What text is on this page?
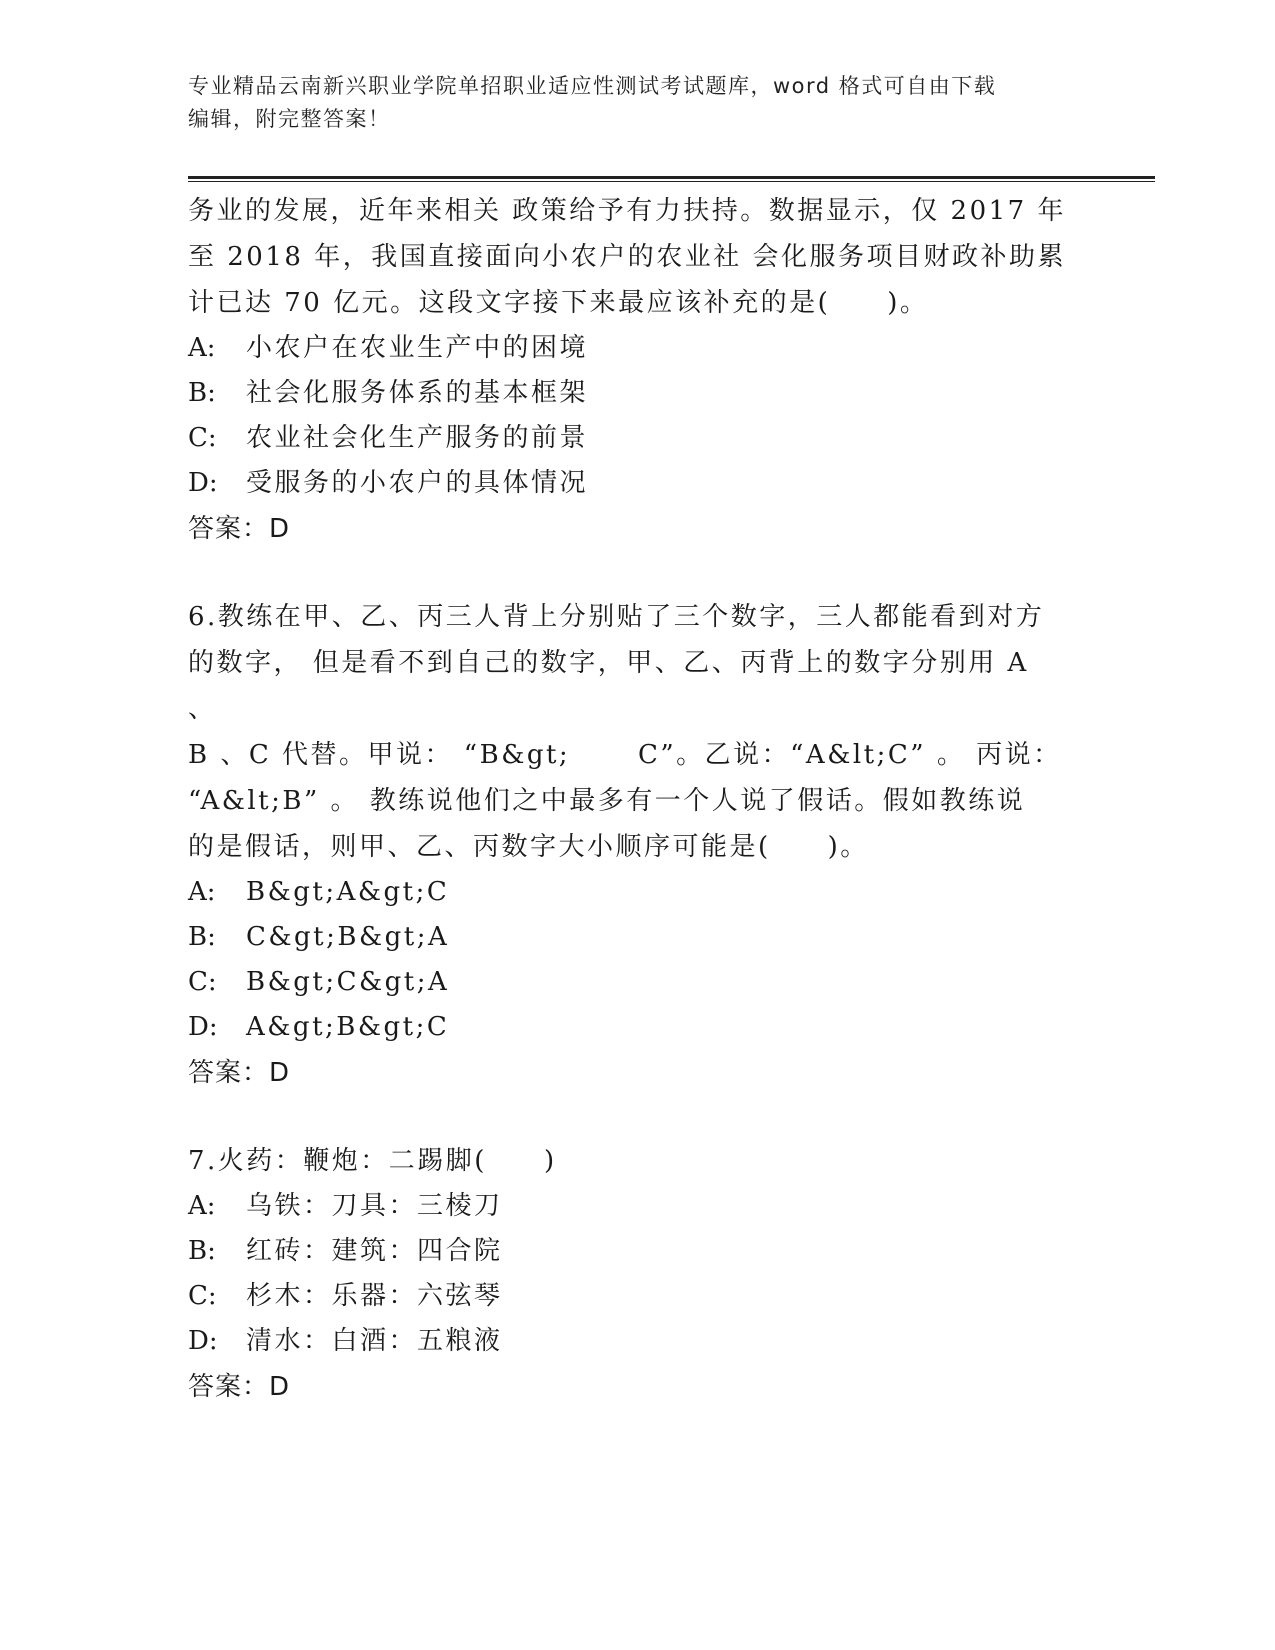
专业精品云南新兴职业学院单招职业适应性测试考试题库，word 格式可自由下载
编辑，附完整答案！

务业的发展，近年来相关 政策给予有力扶持。数据显示，仅 2017 年

至 2018 年，我国直接面向小农户的农业社 会化服务项目财政补助累

计已达 70 亿元。这段文字接下来最应该补充的是(　　)。

A: 小农户在农业生产中的困境

B: 社会化服务体系的基本框架

C: 农业社会化生产服务的前景

D: 受服务的小农户的具体情况

答案：D

6.教练在甲、乙、丙三人背上分别贴了三个数字，三人都能看到对方

的数字， 但是看不到自己的数字，甲、乙、丙背上的数字分别用 A 、

B 、C 代替。甲说： “B&gt;　　 C”。乙说：“A&lt;C” 。 丙说：

“A&lt;B” 。 教练说他们之中最多有一个人说了假话。假如教练说

的是假话，则甲、乙、丙数字大小顺序可能是(　　)。

A: B&gt;A&gt;C

B: C&gt;B&gt;A

C: B&gt;C&gt;A

D: A&gt;B&gt;C

答案：D

7.火药：鞭炮：二踢脚(　　)

A: 乌铁：刀具：三棱刀

B: 红砖：建筑：四合院

C: 杉木：乐器：六弦琴

D: 清水：白酒：五粮液

答案：D
